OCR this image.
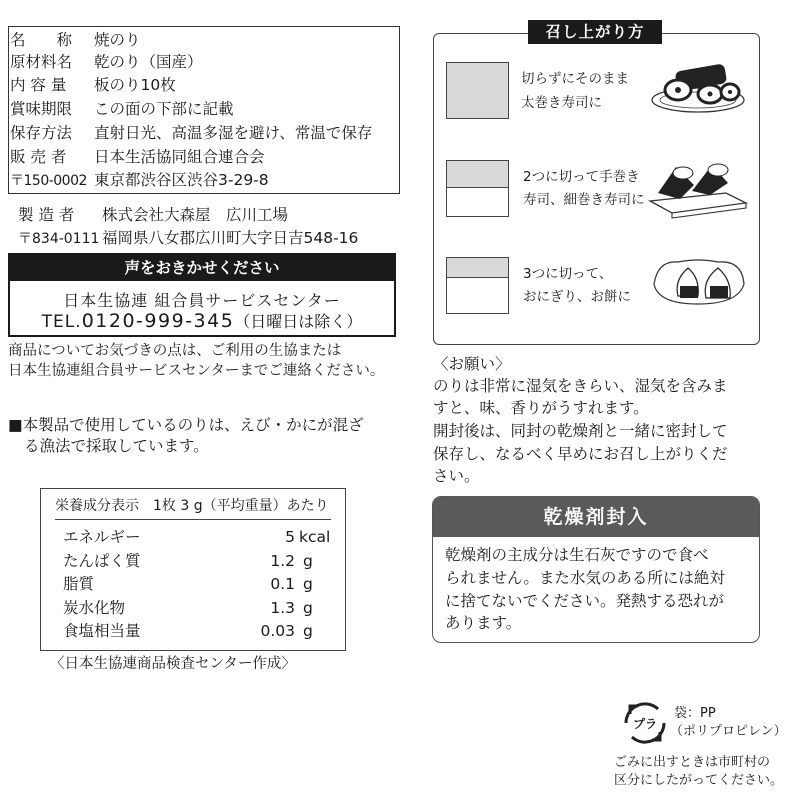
名　　称 焼のり
原材料名 乾のり（国産）
内 容 量 板のり10枚
賞味期限 この面の下部に記載
保存方法 直射日光、高温多湿を避け、常温で保存
販 売 者 日本生活協同組合連合会
〒150-0002 東京都渋谷区渋谷3-29-8
製 造 者 株式会社大森屋　広川工場
〒834-0111 福岡県八女郡広川町大字日吉548-16
声をおきかせください
日本生協連 組合員サービスセンター
TEL.0120-999-345（日曜日は除く）
商品についてお気づきの点は、ご利用の生協または
日本生協連組合員サービスセンターまでご連絡ください。
■本製品で使用しているのりは、えび・かにが混ざ
る漁法で採取しています。
栄養成分表示　1枚 3 g（平均重量）あたり
エネルギー	5 kcal
たんぱく質	1.2 g
脂質	0.1 g
炭水化物	1.3 g
食塩相当量	0.03 g
〈日本生協連商品検査センター作成〉
召し上がり方
切らずにそのまま
太巻き寿司に
2つに切って手巻き
寿司、細巻き寿司に
3つに切って、
おにぎり、お餅に
〈お願い〉
のりは非常に湿気をきらい、湿気を含みま
すと、味、香りがうすれます。
開封後は、同封の乾燥剤と一緒に密封して
保存し、なるべく早めにお召し上がりくだ
さい。
乾燥剤封入
乾燥剤の主成分は生石灰ですので食べ
られません。また水気のある所には絶対
に捨てないでください。発熱する恐れが
あります。
プラ
袋：PP
（ポリプロピレン）
ごみに出すときは市町村の
区分にしたがってください。
